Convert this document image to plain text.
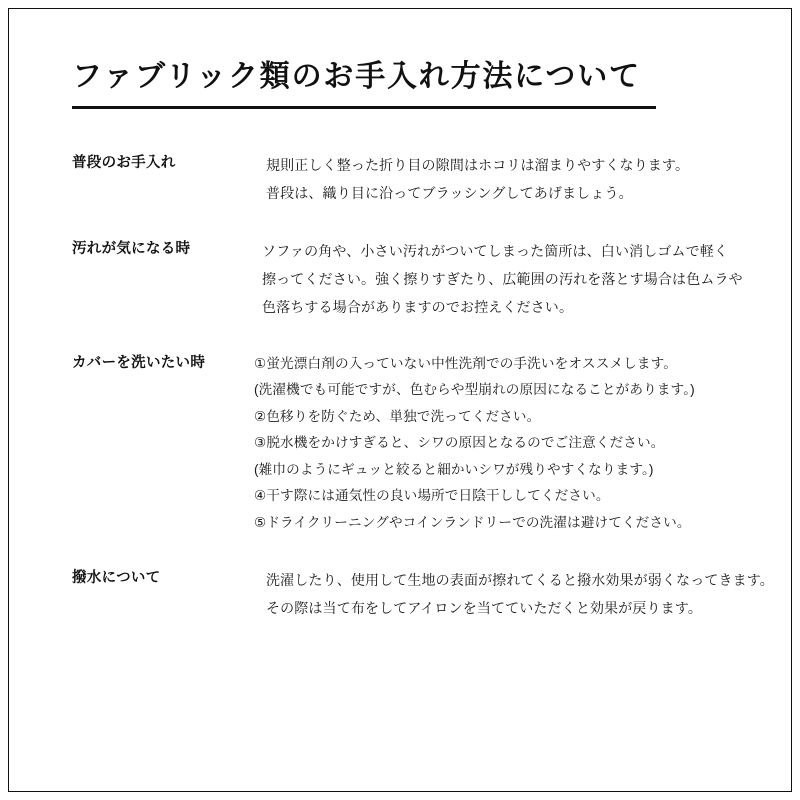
ファブリック類のお手入れ方法について
普段のお手入れ	規則正しく整った折り目の隙間はホコリは溜まりやすくなります。
普段は、織り目に沿ってブラッシングしてあげましょう。
汚れが気になる時	ソファの角や、小さい汚れがついてしまった箇所は、白い消しゴムで軽く
擦ってください。強く擦りすぎたり、広範囲の汚れを落とす場合は色ムラや
色落ちする場合がありますのでお控えください。
カバーを洗いたい時	①蛍光漂白剤の入っていない中性洗剤での手洗いをオススメします。
(洗濯機でも可能ですが、色むらや型崩れの原因になることがあります。)
②色移りを防ぐため、単独で洗ってください。
③脱水機をかけすぎると、シワの原因となるのでご注意ください。
(雑巾のようにギュッと絞ると細かいシワが残りやすくなります。)
④干す際には通気性の良い場所で日陰干ししてください。
⑤ドライクリーニングやコインランドリーでの洗濯は避けてください。
撥水について	洗濯したり、使用して生地の表面が擦れてくると撥水効果が弱くなってきます。
その際は当て布をしてアイロンを当てていただくと効果が戻ります。
